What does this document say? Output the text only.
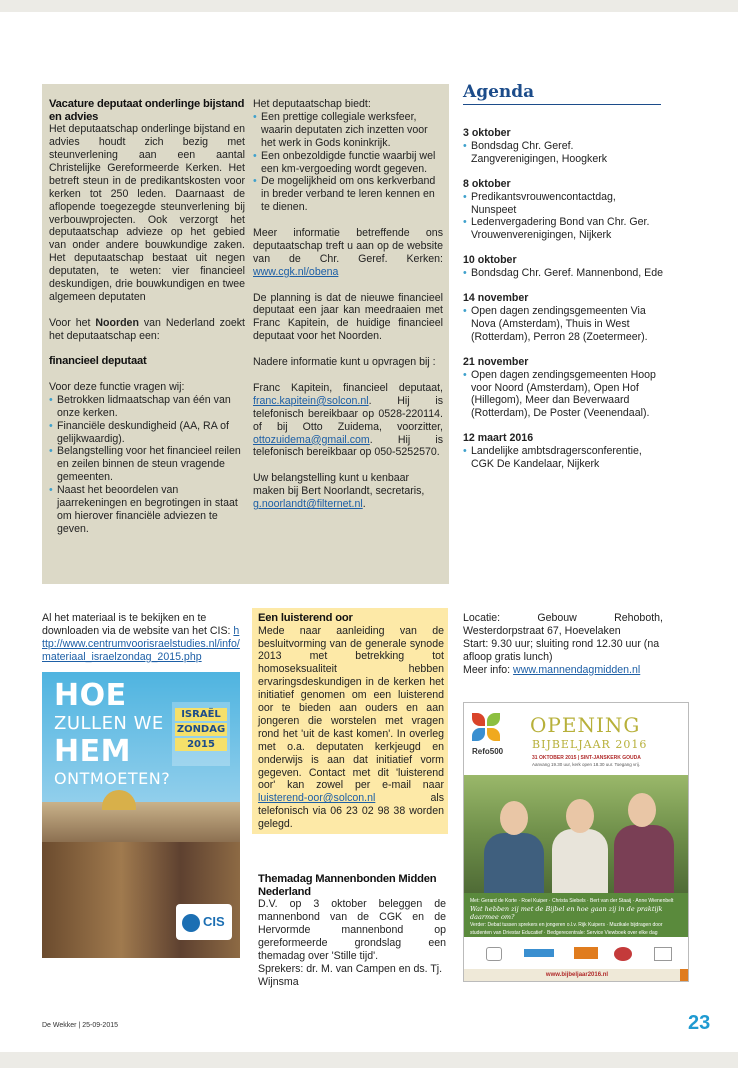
Vacature deputaat onderlinge bijstand en advies
Het deputaatschap onderlinge bijstand en advies houdt zich bezig met steunverlening aan een aantal Christelijke Gereformeerde Kerken. Het betreft steun in de predikantskosten voor kerken tot 250 leden. Daarnaast de aflopende toegezegde steunverlening bij verbouwprojecten. Ook verzorgt het deputaatschap advieze op het gebied van onder andere bouwkundige zaken. Het deputaatschap bestaat uit negen deputaten, te weten: vier financieel deskundigen, drie bouwkundigen en twee algemeen deputaten
Voor het Noorden van Nederland zoekt het deputaatschap een:
financieel deputaat
Voor deze functie vragen wij:
• Betrokken lidmaatschap van één van onze kerken.
• Financiële deskundigheid (AA, RA of gelijkwaardig).
• Belangstelling voor het financieel reilen en zeilen binnen de steun vragende gemeenten.
• Naast het beoordelen van jaarrekeningen en begrotingen in staat om hierover financiële adviezen te geven.
Het deputaatschap biedt:
• Een prettige collegiale werksfeer, waarin deputaten zich inzetten voor het werk in Gods koninkrijk.
• Een onbezoldigde functie waarbij wel een km-vergoeding wordt gegeven.
• De mogelijkheid om ons kerkverband in breder verband te leren kennen en te dienen.
Meer informatie betreffende ons deputaatschap treft u aan op de website van de Chr. Geref. Kerken: www.cgk.nl/obena
De planning is dat de nieuwe financieel deputaat een jaar kan meedraaien met Franc Kapitein, de huidige financieel deputaat voor het Noorden.
Nadere informatie kunt u opvragen bij :
Franc Kapitein, financieel deputaat, franc.kapitein@solcon.nl. Hij is telefonisch bereikbaar op 0528-220114. of bij Otto Zuidema, voorzitter, ottozuidema@gmail.com. Hij is telefonisch bereikbaar op 050-5252570.
Uw belangstelling kunt u kenbaar maken bij Bert Noorlandt, secretaris, g.noorlandt@filternet.nl.
Agenda
3 oktober
• Bondsdag Chr. Geref. Zangverenigingen, Hoogkerk
8 oktober
• Predikantsvrouwencontactdag, Nunspeet
• Ledenvergadering Bond van Chr. Ger. Vrouwenverenigingen, Nijkerk
10 oktober
• Bondsdag Chr. Geref. Mannenbond, Ede
14 november
• Open dagen zendingsgemeenten Via Nova (Amsterdam), Thuis in West (Rotterdam), Perron 28 (Zoetermeer).
21 november
• Open dagen zendingsgemeenten Hoop voor Noord (Amsterdam), Open Hof (Hillegom), Meer dan Beverwaard (Rotterdam), De Poster (Veenendaal).
12 maart 2016
• Landelijke ambtsdragersconferentie, CGK De Kandelaar, Nijkerk
Al het materiaal is te bekijken en te downloaden via de website van het CIS: http://www.centrumvoorisraelstudies.nl/info/materiaal_israelzondag_2015.php
HOE
ZULLEN WE
HEM
ONTMOETEN?
ISRAËL
ZONDAG
2015
CIS
Een luisterend oor
Mede naar aanleiding van de besluitvorming van de generale synode 2013 met betrekking tot homoseksualiteit hebben ervaringsdeskundigen in de kerken het initiatief genomen om een luisterend oor te bieden aan ouders en aan jongeren die worstelen met vragen rond het 'uit de kast komen'. In overleg met o.a. deputaten kerkjeugd en onderwijs is aan dat initiatief vorm gegeven. Contact met dit 'luisterend oor' kan zowel per e-mail naar luisterend-oor@solcon.nl als telefonisch via 06 23 02 98 38 worden gelegd.
Themadag Mannenbonden Midden Nederland
D.V. op 3 oktober beleggen de mannenbond van de CGK en de Hervormde mannenbond op gereformeerde grondslag een themadag over 'Stille tijd'.
Sprekers: dr. M. van Campen en ds. Tj. Wijnsma
Locatie: Gebouw Rehoboth, Westerdorpstraat 67, Hoevelaken
Start: 9.30 uur; sluiting rond 12.30 uur (na afloop gratis lunch)
Meer info: www.mannendagmidden.nl
Refo500
OPENING
BIJBELJAAR 2016
31 OKTOBER 2015 | SINT-JANSKERK GOUDA
Aanvang 19.30 uur, kerk open 18.30 uur. Toegang vrij.
Met: Gerard de Korte · Roel Kuiper · Christa Siebels · Bert van der Staaij · Anne Wienenbelt
Wat hebben zij met de Bijbel en hoe gaan zij in de praktijk daarmee om?
Verder: Debat tussen sprekers en jongeren o.l.v. Rijk Kuipers · Muzikale bijdragen door studenten van Driestar Educatief · Bedgerecentrale: Service Viewboek over elke dag
www.bijbeljaar2016.nl
De Wekker | 25-09-2015	23
